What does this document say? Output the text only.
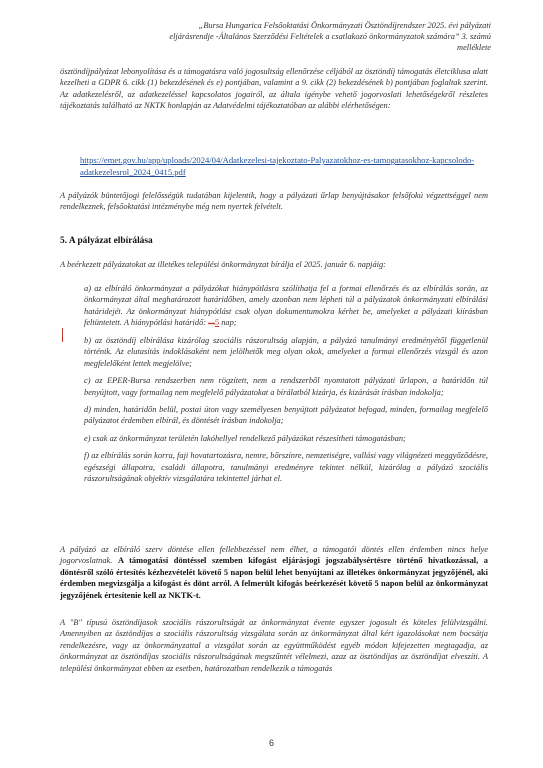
„Bursa Hungarica Felsőoktatási Önkormányzati Ösztöndíjrendszer 2025. évi pályázati
eljárásrendje -Általános Szerződési Feltételek a csatlakozó önkormányzatok számára” 3. számú
melléklete
ösztöndíjpályázat lebonyolítása és a támogatásra való jogosultság ellenőrzése céljából az ösztöndíj támogatás életciklusa alatt kezelheti a GDPR 6. cikk (1) bekezdésének és e) pontjában, valamint a 9. cikk (2) bekezdésének b) pontjában foglaltak szerint. Az adatkezelésről, az adatkezeléssel kapcsolatos jogairól, az általa igénybe vehető jogorvoslati lehetőségekről részletes tájékoztatás található az NKTK honlapján az Adatvédelmi tájékoztatóban az alábbi elérhetőségen:
https://emet.gov.hu/app/uploads/2024/04/Adatkezelesi-tajekoztato-Palyazatokhoz-es-tamogatasokhoz-kapcsolodo-adatkezelesrol_2024_0415.pdf
A pályázók büntetőjogi felelősségük tudatában kijelentik, hogy a pályázati űrlap benyújtásakor felsőfokú végzettséggel nem rendelkeznek, felsőoktatási intézménybe még nem nyertek felvételt.
5. A pályázat elbírálása
A beérkezett pályázatokat az illetékes települési önkormányzat bírálja el 2025. január 6. napjáig:

a) az elbíráló önkormányzat a pályázókat hiánypótlásra szólíthatja fel a formai ellenőrzés és az elbírálás során, az önkormányzat által meghatározott határidőben, amely azonban nem lépheti túl a pályázatok önkormányzati elbírálási határidejét. Az önkormányzat hiánypótlást csak olyan dokumentumokra kérhet be, amelyeket a pályázati kiírásban feltüntetett. A hiánypótlási határidő: nnn5 nap;

b) az ösztöndíj elbírálása kizárólag szociális rászorultság alapján, a pályázó tanulmányi eredményétől függetlenül történik. Az elutasítás indoklásaként nem jelölhetők meg olyan okok, amelyeket a formai ellenőrzés vizsgál és azon megfelelőként lettek megjelölve;

c) az EPER-Bursa rendszerben nem rögzített, nem a rendszerből nyomtatott pályázati űrlapon, a határidőn túl benyújtott, vagy formailag nem megfelelő pályázatokat a bírálatból kizárja, és kizárását írásban indokolja;

d) minden, határidőn belül, postai úton vagy személyesen benyújtott pályázatot befogad, minden, formailag megfelelő pályázatot érdemben elbírál, és döntését írásban indokolja;

e) csak az önkormányzat területén lakóhellyel rendelkező pályázókat részesítheti támogatásban;

f) az elbírálás során korra, faji hovatartozásra, nemre, bőrszínre, nemzetiségre, vallási vagy világnézeti meggyőződésre, egészségi állapotra, családi állapotra, tanulmányi eredményre tekintet nélkül, kizárólag a pályázó szociális rászorultságának objektív vizsgálatára tekintettel járhat el.

A pályázó az elbíráló szerv döntése ellen fellebbezéssel nem élhet, a támogatói döntés ellen érdemben nincs helye jogorvoslatnak. A támogatási döntéssel szemben kifogást eljárásjogi jogszabálysértésre történő hivatkozással, a döntésről szóló értesítés kézhezvételét követő 5 napon belül lehet benyújtani az illetékes önkormányzat jegyzőjénél, aki érdemben megvizsgálja a kifogást és dönt arról. A felmerült kifogás beérkezését követő 5 napon belül az önkormányzat jegyzőjének értesítenie kell az NKTK-t.
A "B" típusú ösztöndíjasok szociális rászorultságát az önkormányzat évente egyszer jogosult és köteles felülvizsgálni. Amennyiben az ösztöndíjas a szociális rászorultság vizsgálata során az önkormányzat által kért igazolásokat nem bocsátja rendelkezésre, vagy az önkormányzattal a vizsgálat során az együttműködést egyéb módon kifejezetten megtagadja, az önkormányzat az ösztöndíjas szociális rászorultságának megszűntét vélelmezi, azaz az ösztöndíjas az ösztöndíjat elveszíti. A települési önkormányzat ebben az esetben, határozatban rendelkezik a támogatás
6
